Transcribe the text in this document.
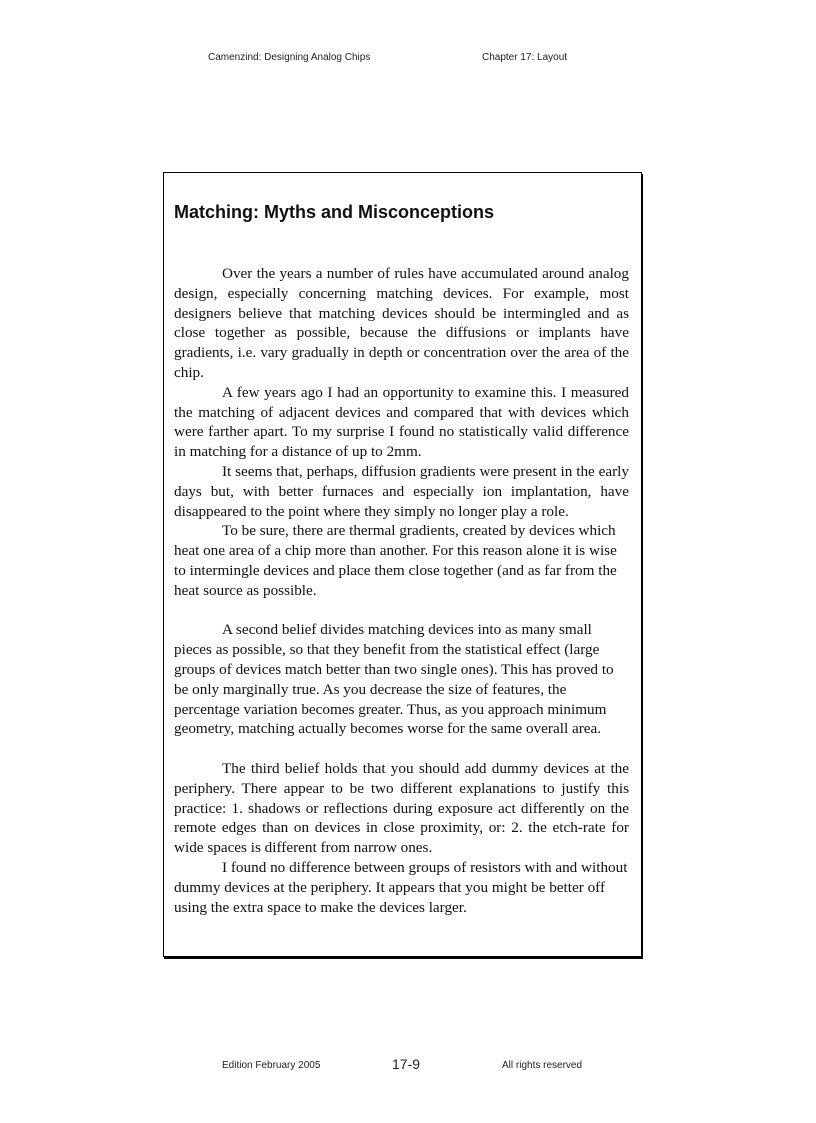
Camenzind: Designing Analog Chips	Chapter 17: Layout
Matching: Myths and Misconceptions

Over the years a number of rules have accumulated around analog design, especially concerning matching devices. For example, most designers believe that matching devices should be intermingled and as close together as possible, because the diffusions or implants have gradients, i.e. vary gradually in depth or concentration over the area of the chip.

A few years ago I had an opportunity to examine this. I measured the matching of adjacent devices and compared that with devices which were farther apart. To my surprise I found no statistically valid difference in matching for a distance of up to 2mm.

It seems that, perhaps, diffusion gradients were present in the early days but, with better furnaces and especially ion implantation, have disappeared to the point where they simply no longer play a role.

To be sure, there are thermal gradients, created by devices which heat one area of a chip more than another. For this reason alone it is wise to intermingle devices and place them close together (and as far from the heat source as possible.

A second belief divides matching devices into as many small pieces as possible, so that they benefit from the statistical effect (large groups of devices match better than two single ones). This has proved to be only marginally true. As you decrease the size of features, the percentage variation becomes greater. Thus, as you approach minimum geometry, matching actually becomes worse for the same overall area.

The third belief holds that you should add dummy devices at the periphery. There appear to be two different explanations to justify this practice: 1. shadows or reflections during exposure act differently on the remote edges than on devices in close proximity, or: 2. the etch-rate for wide spaces is different from narrow ones.

I found no difference between groups of resistors with and without dummy devices at the periphery. It appears that you might be better off using the extra space to make the devices larger.

Edition February 2005	17-9	All rights reserved
